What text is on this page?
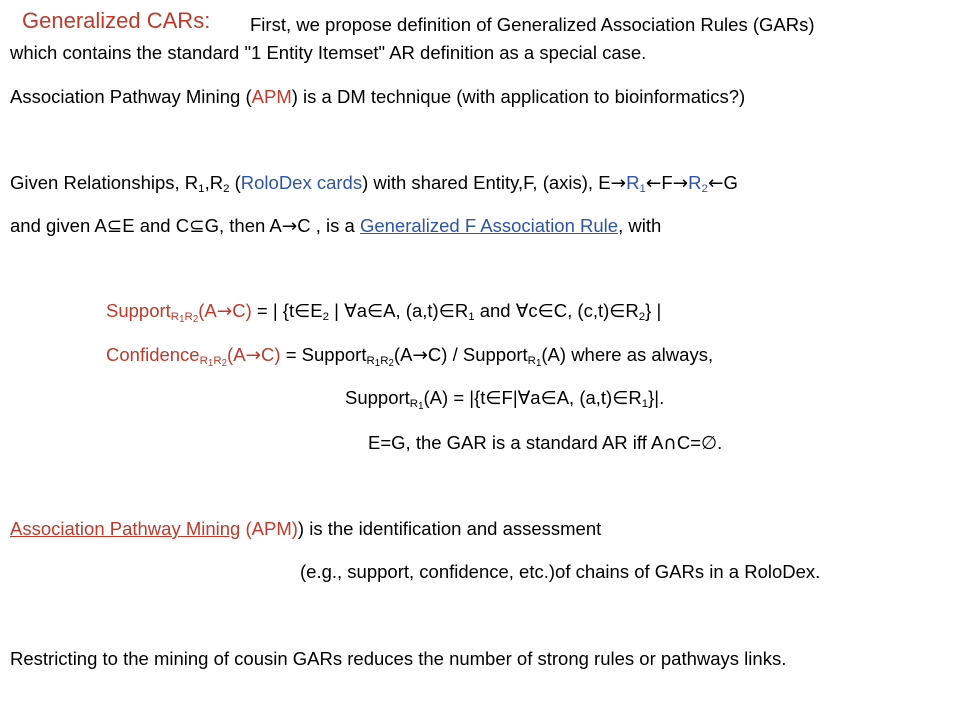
Generalized CARs: First, we propose definition of Generalized Association Rules (GARs)
which contains the standard "1 Entity Itemset" AR definition as a special case.
Association Pathway Mining (APM) is a DM technique (with application to bioinformatics?)
Given Relationships, $R_1,R_2$ (RoloDex cards) with shared Entity,F, (axis), $E\to R_1\leftarrow F\to R_2\leftarrow G$
and given A⊆E and C⊆G, then A→C , is a Generalized F Association Rule, with
Support$_{R_1R_2}$(A→C) = | {$t\in E_2$ | ∀a∈A, $(a,t)\in R_1$ and ∀c∈C, $(c,t)\in R_2$} |
Confidence$_{R_1R_2}$(A→C) = Support$_{R_1R_2}$(A→C) / Support$_{R_1}$(A) where as always,
Support$_{R_1}$(A) = |{t∈F|∀a∈A, $(a,t)\in R_1\}|$.
E=G, the GAR is a standard AR iff A∩C=∅.
Association Pathway Mining (APM)) is the identification and assessment
(e.g., support, confidence, etc.)of chains of GARs in a RoloDex.
Restricting to the mining of cousin GARs reduces the number of strong rules or pathways links.
